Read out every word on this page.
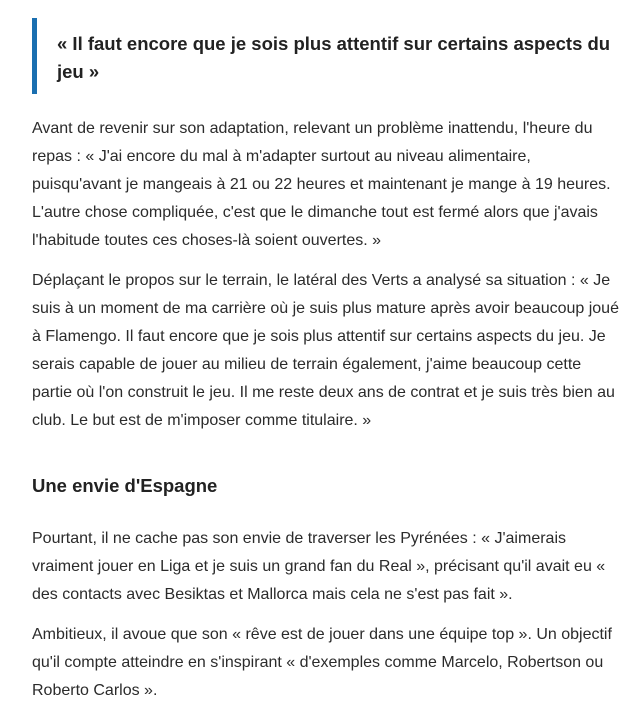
« Il faut encore que je sois plus attentif sur certains aspects du jeu »

Avant de revenir sur son adaptation, relevant un problème inattendu, l'heure du repas : « J'ai encore du mal à m'adapter surtout au niveau alimentaire, puisqu'avant je mangeais à 21 ou 22 heures et maintenant je mange à 19 heures. L'autre chose compliquée, c'est que le dimanche tout est fermé alors que j'avais l'habitude toutes ces choses-là soient ouvertes. »

Déplaçant le propos sur le terrain, le latéral des Verts a analysé sa situation : « Je suis à un moment de ma carrière où je suis plus mature après avoir beaucoup joué à Flamengo. Il faut encore que je sois plus attentif sur certains aspects du jeu. Je serais capable de jouer au milieu de terrain également, j'aime beaucoup cette partie où l'on construit le jeu. Il me reste deux ans de contrat et je suis très bien au club. Le but est de m'imposer comme titulaire. »

Une envie d'Espagne

Pourtant, il ne cache pas son envie de traverser les Pyrénées : « J'aimerais vraiment jouer en Liga et je suis un grand fan du Real », précisant qu'il avait eu « des contacts avec Besiktas et Mallorca mais cela ne s'est pas fait ».

Ambitieux, il avoue que son « rêve est de jouer dans une équipe top ». Un objectif qu'il compte atteindre en s'inspirant « d'exemples comme Marcelo, Robertson ou Roberto Carlos ».
